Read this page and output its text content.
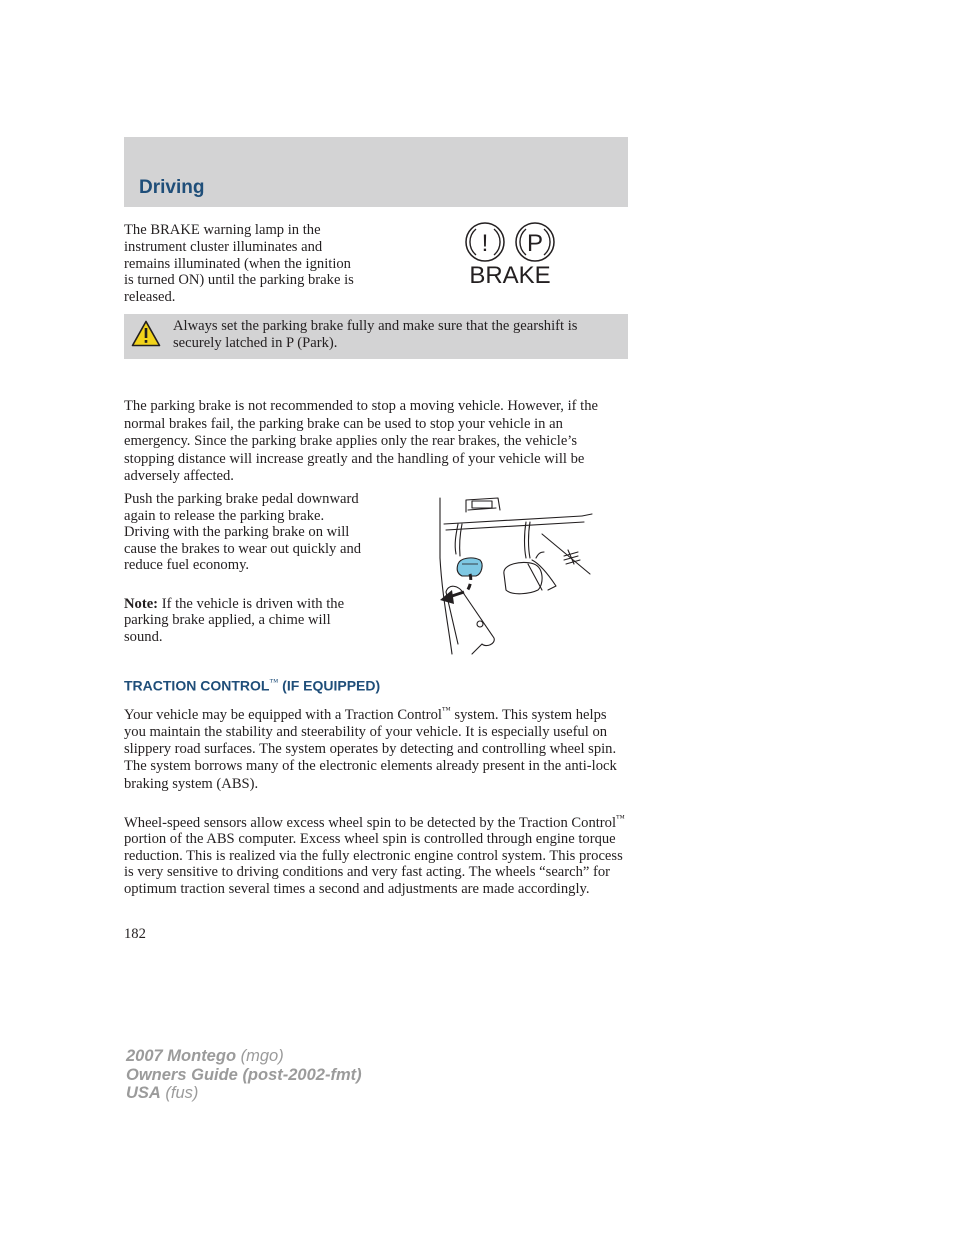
Driving

The BRAKE warning lamp in the instrument cluster illuminates and remains illuminated (when the ignition is turned ON) until the parking brake is released.

! P
BRAKE
Always set the parking brake fully and make sure that the gearshift is securely latched in P (Park).

The parking brake is not recommended to stop a moving vehicle. However, if the normal brakes fail, the parking brake can be used to stop your vehicle in an emergency. Since the parking brake applies only the rear brakes, the vehicle’s stopping distance will increase greatly and the handling of your vehicle will be adversely affected.

Push the parking brake pedal downward again to release the parking brake. Driving with the parking brake on will cause the brakes to wear out quickly and reduce fuel economy.

Note: If the vehicle is driven with the parking brake applied, a chime will sound.

TRACTION CONTROL™ (IF EQUIPPED)

Your vehicle may be equipped with a Traction Control™ system. This system helps you maintain the stability and steerability of your vehicle. It is especially useful on slippery road surfaces. The system operates by detecting and controlling wheel spin. The system borrows many of the electronic elements already present in the anti-lock braking system (ABS).

Wheel-speed sensors allow excess wheel spin to be detected by the Traction Control™ portion of the ABS computer. Excess wheel spin is controlled through engine torque reduction. This is realized via the fully electronic engine control system. This process is very sensitive to driving conditions and very fast acting. The wheels “search” for optimum traction several times a second and adjustments are made accordingly.

182
2007 Montego (mgo)
Owners Guide (post-2002-fmt)
USA (fus)
